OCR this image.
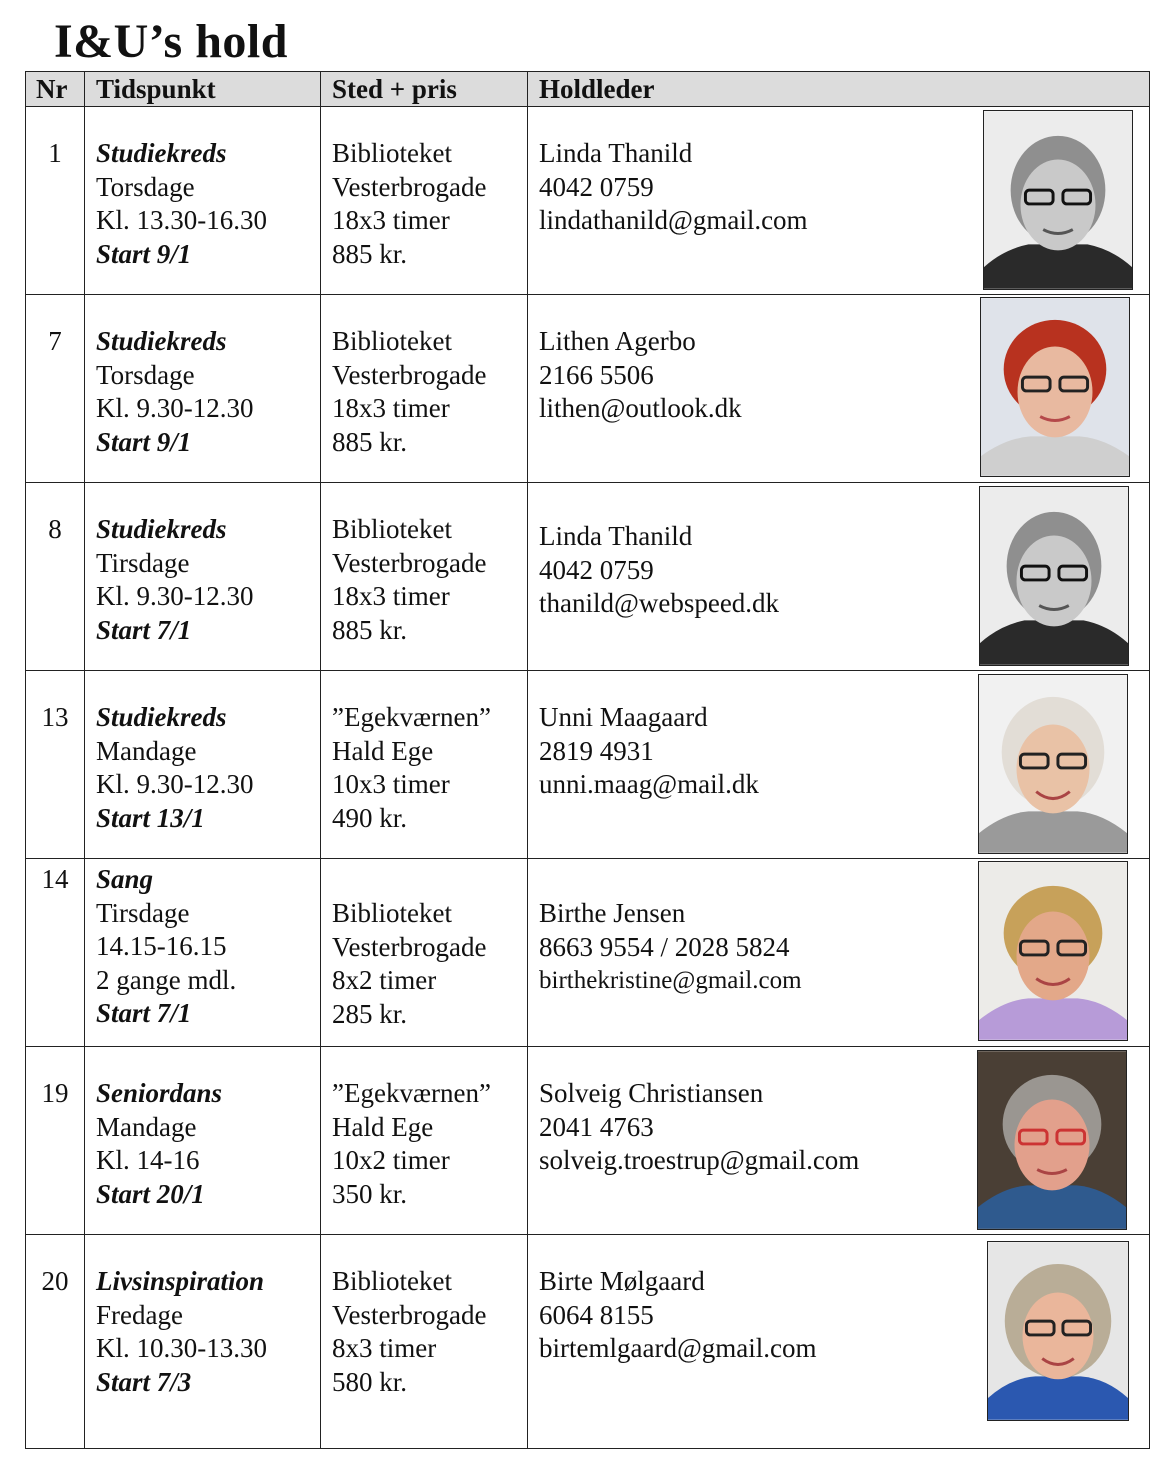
I&U’s hold
Nr	Tidspunkt	Sted + pris	Holdleder
1	Studiekreds
Torsdage
Kl. 13.30-16.30
Start 9/1	Biblioteket
Vesterbrogade
18x3 timer
885 kr.	Linda Thanild
4042 0759
lindathanild@gmail.com

7	Studiekreds
Torsdage
Kl. 9.30-12.30
Start 9/1	Biblioteket
Vesterbrogade
18x3 timer
885 kr.	Lithen Agerbo
2166 5506
lithen@outlook.dk

8	Studiekreds
Tirsdage
Kl. 9.30-12.30
Start 7/1	Biblioteket
Vesterbrogade
18x3 timer
885 kr.	Linda Thanild
4042 0759
thanild@webspeed.dk

13	Studiekreds
Mandage
Kl. 9.30-12.30
Start 13/1	”Egekværnen”
Hald Ege
10x3 timer
490 kr.	Unni Maagaard
2819 4931
unni.maag@mail.dk

14	Sang
Tirsdage
14.15-16.15
2 gange mdl.
Start 7/1	Biblioteket
Vesterbrogade
8x2 timer
285 kr.	Birthe Jensen
8663 9554 / 2028 5824
birthekristine@gmail.com

19	Seniordans
Mandage
Kl. 14-16
Start 20/1	”Egekværnen”
Hald Ege
10x2 timer
350 kr.	Solveig Christiansen
2041 4763
solveig.troestrup@gmail.com

20	Livsinspiration
Fredage
Kl. 10.30-13.30
Start 7/3	Biblioteket
Vesterbrogade
8x3 timer
580 kr.	Birte Mølgaard
6064 8155
birtemlgaard@gmail.com
